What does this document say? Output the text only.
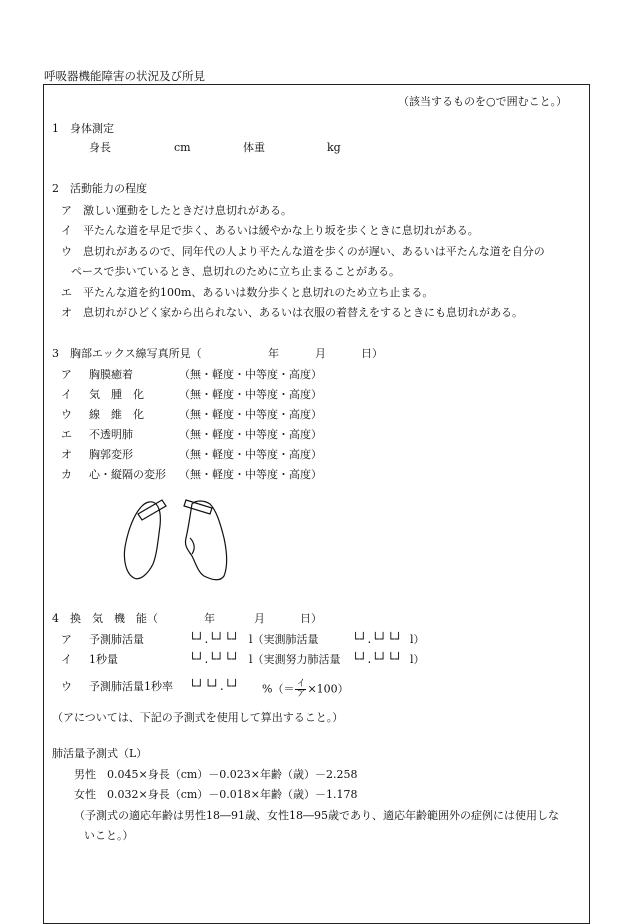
呼吸器機能障害の状況及び所見
（該当するものを○で囲むこと。）
1　身体測定
身長	cm	体重	kg
2　活動能力の程度
ア　激しい運動をしたときだけ息切れがある。
イ　平たんな道を早足で歩く、あるいは緩やかな上り坂を歩くときに息切れがある。
ウ　息切れがあるので、同年代の人より平たんな道を歩くのが遅い、あるいは平たんな道を自分の
ペースで歩いているとき、息切れのために立ち止まることがある。
エ　平たんな道を約100m、あるいは数分歩くと息切れのため立ち止まる。
オ　息切れがひどく家から出られない、あるいは衣服の着替えをするときにも息切れがある。
3　胸部エックス線写真所見（	年	月	日）
ア 胸膜癒着	（無・軽度・中等度・高度）
イ 気　腫　化	（無・軽度・中等度・高度）
ウ 線　維　化	（無・軽度・中等度・高度）
エ 不透明肺	（無・軽度・中等度・高度）
オ 胸郭変形	（無・軽度・中等度・高度）
カ 心・縦隔の変形 （無・軽度・中等度・高度）
4　換　気　機　能（	年	月	日）
ア 予測肺活量	└┘.└┘└┘ l（実測肺活量	└┘.└┘└┘ l）
イ 1秒量	└┘.└┘└┘ l（実測努力肺活量 └┘.└┘└┘ l）
ウ 予測肺活量1秒率 └┘└┘.└┘ %（＝ $\frac{\text{イ}}{\text{ア}} \times 100$）
（アについては、下記の予測式を使用して算出すること。）
肺活量予測式（L）
男性　0.045×身長（cm）－0.023×年齢（歳）－2.258
女性　0.032×身長（cm）－0.018×年齢（歳）－1.178
（予測式の適応年齢は男性18―91歳、女性18―95歳であり、適応年齢範囲外の症例には使用しな
いこと。）
